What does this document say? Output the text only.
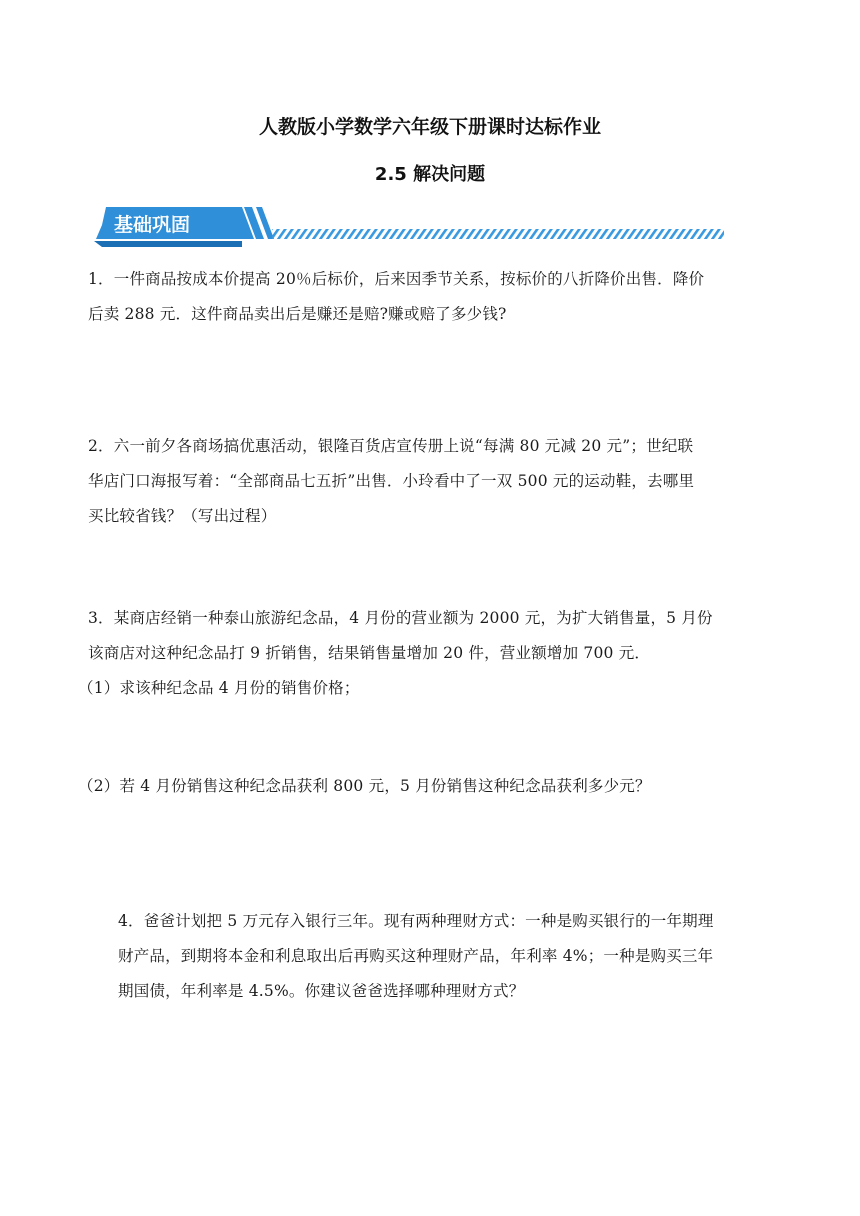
人教版小学数学六年级下册课时达标作业
2.5 解决问题
基础巩固
1．一件商品按成本价提高 20％后标价，后来因季节关系，按标价的八折降价出售．降价
后卖 288 元．这件商品卖出后是赚还是赔?赚或赔了多少钱?
2．六一前夕各商场搞优惠活动，银隆百货店宣传册上说“每满 80 元减 20 元”；世纪联
华店门口海报写着：“全部商品七五折”出售．小玲看中了一双 500 元的运动鞋，去哪里
买比较省钱？（写出过程）
3．某商店经销一种泰山旅游纪念品，4 月份的营业额为 2000 元，为扩大销售量，5 月份
该商店对这种纪念品打 9 折销售，结果销售量增加 20 件，营业额增加 700 元．
（1）求该种纪念品 4 月份的销售价格；
（2）若 4 月份销售这种纪念品获利 800 元，5 月份销售这种纪念品获利多少元？
4．爸爸计划把 5 万元存入银行三年。现有两种理财方式：一种是购买银行的一年期理
财产品，到期将本金和利息取出后再购买这种理财产品，年利率 4%；一种是购买三年
期国债，年利率是 4.5%。你建议爸爸选择哪种理财方式？
